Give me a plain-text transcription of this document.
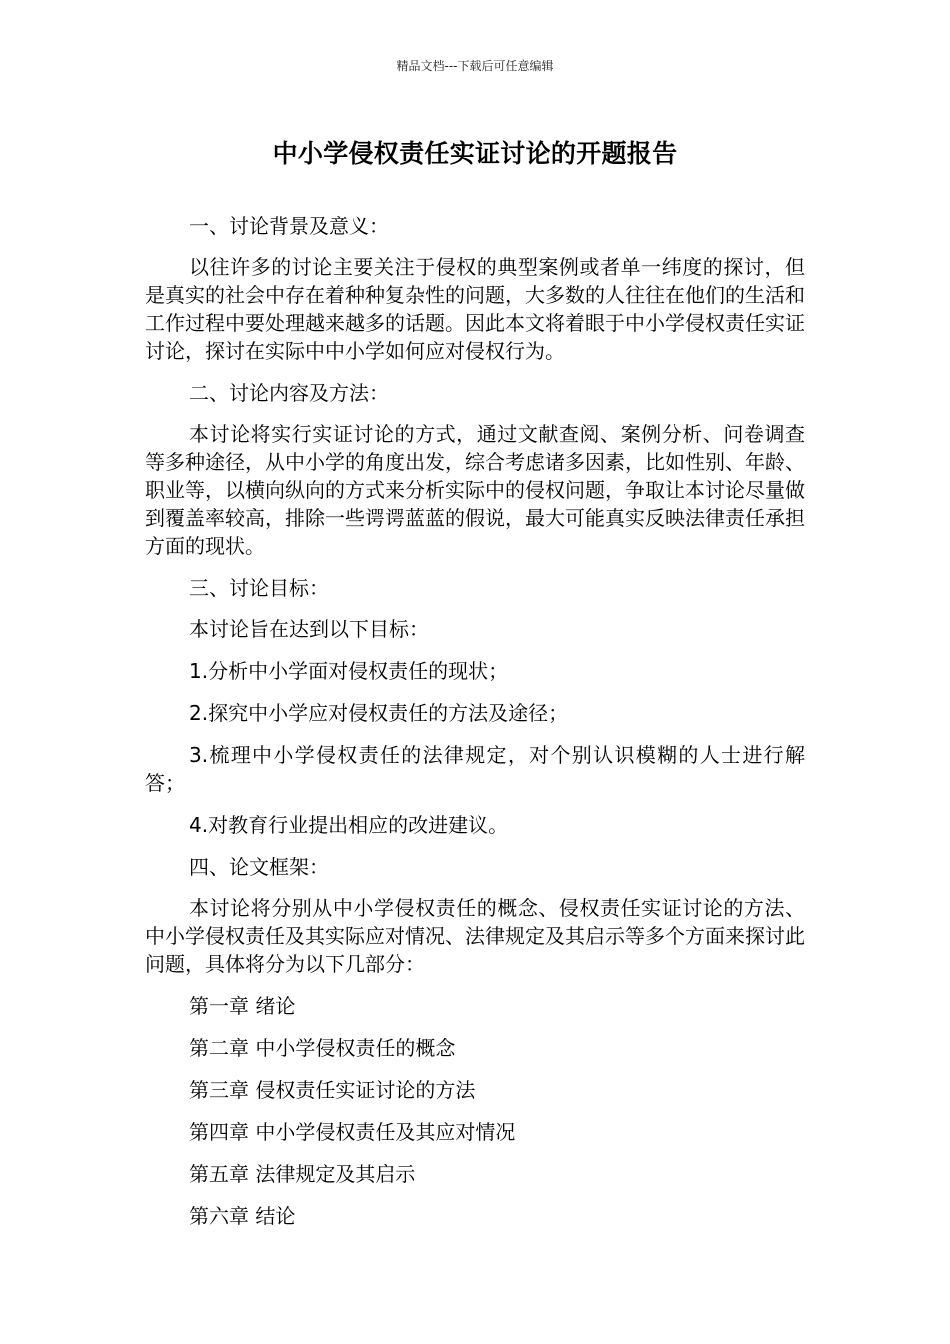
精品文档---下载后可任意编辑
中小学侵权责任实证讨论的开题报告

一、讨论背景及意义：

以往许多的讨论主要关注于侵权的典型案例或者单一纬度的探讨，但是真实的社会中存在着种种复杂性的问题，大多数的人往往在他们的生活和工作过程中要处理越来越多的话题。因此本文将着眼于中小学侵权责任实证讨论，探讨在实际中中小学如何应对侵权行为。

二、讨论内容及方法：

本讨论将实行实证讨论的方式，通过文献查阅、案例分析、问卷调查等多种途径，从中小学的角度出发，综合考虑诸多因素，比如性别、年龄、职业等，以横向纵向的方式来分析实际中的侵权问题，争取让本讨论尽量做到覆盖率较高，排除一些谔谔蓝蓝的假说，最大可能真实反映法律责任承担方面的现状。

三、讨论目标：

本讨论旨在达到以下目标：

1.分析中小学面对侵权责任的现状；

2.探究中小学应对侵权责任的方法及途径；

3.梳理中小学侵权责任的法律规定，对个别认识模糊的人士进行解答；

4.对教育行业提出相应的改进建议。

四、论文框架：

本讨论将分别从中小学侵权责任的概念、侵权责任实证讨论的方法、中小学侵权责任及其实际应对情况、法律规定及其启示等多个方面来探讨此问题，具体将分为以下几部分：

第一章 绪论

第二章 中小学侵权责任的概念

第三章 侵权责任实证讨论的方法

第四章 中小学侵权责任及其应对情况

第五章 法律规定及其启示

第六章 结论
